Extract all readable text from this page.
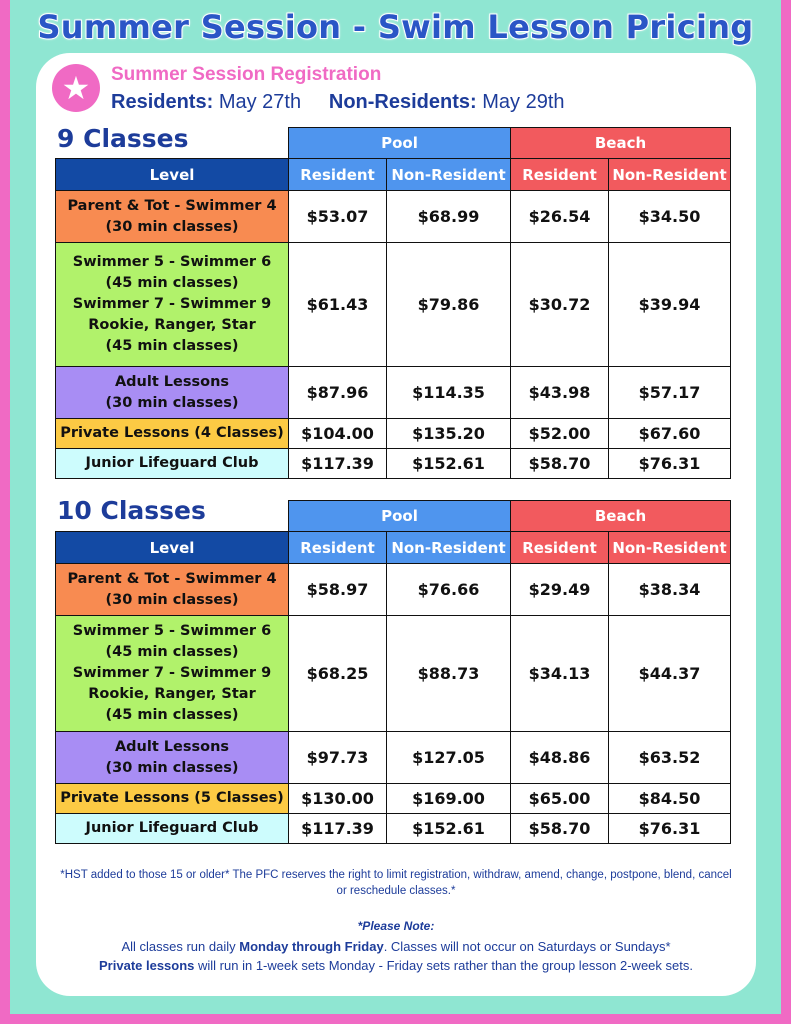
Summer Session - Swim Lesson Pricing
★	Summer Session Registration
Residents: May 27th Non-Residents: May 29th
9 Classes
10 Classes
	Pool		Beach	
Level	Resident	Non-Resident	Resident	Non-Resident

Parent & Tot - Swimmer 4
(30 min classes)	$53.07	$68.99	$26.54	$34.50

Swimmer 5 - Swimmer 6
(45 min classes)
Swimmer 7 - Swimmer 9
Rookie, Ranger, Star
(45 min classes)	$61.43	$79.86	$30.72	$39.94

Adult Lessons
(30 min classes)	$87.96	$114.35	$43.98	$57.17

Private Lessons (4 Classes)	$104.00	$135.20	$52.00	$67.60

Junior Lifeguard Club	$117.39	$152.61	$58.70	$76.31
	Pool		Beach	
Level	Resident	Non-Resident	Resident	Non-Resident

Parent & Tot - Swimmer 4
(30 min classes)	$58.97	$76.66	$29.49	$38.34

Swimmer 5 - Swimmer 6
(45 min classes)
Swimmer 7 - Swimmer 9
Rookie, Ranger, Star
(45 min classes)	$68.25	$88.73	$34.13	$44.37

Adult Lessons
(30 min classes)	$97.73	$127.05	$48.86	$63.52

Private Lessons (5 Classes)	$130.00	$169.00	$65.00	$84.50

Junior Lifeguard Club	$117.39	$152.61	$58.70	$76.31
*HST added to those 15 or older* The PFC reserves the right to limit registration, withdraw, amend, change, postpone, blend, cancel or reschedule classes.*
*Please Note:
All classes run daily Monday through Friday. Classes will not occur on Saturdays or Sundays*
Private lessons will run in 1-week sets Monday - Friday sets rather than the group lesson 2-week sets.
